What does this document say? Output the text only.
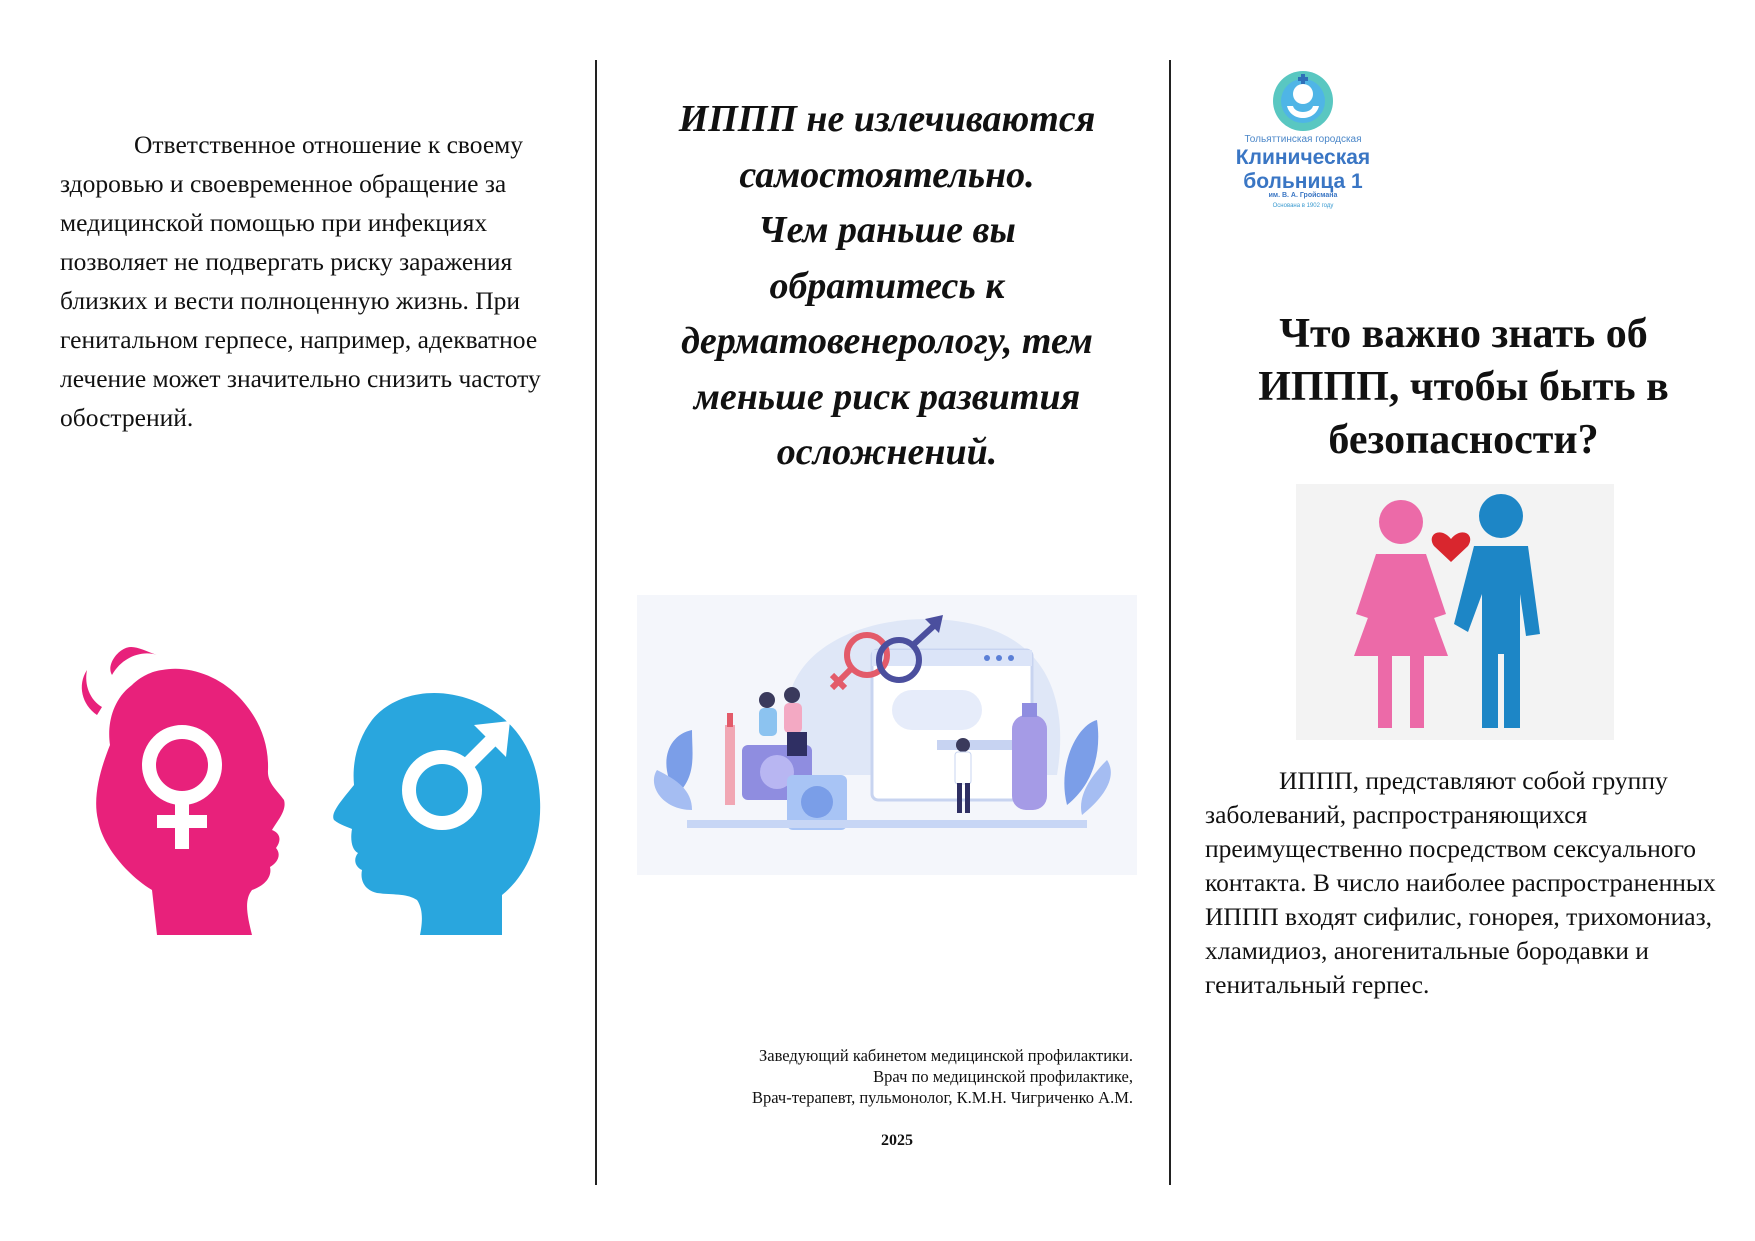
Ответственное отношение к своему здоровью и своевременное обращение за медицинской помощью при инфекциях позволяет не подвергать риску заражения близких и вести полноценную жизнь. При генитальном герпесе, например, адекватное лечение может значительно снизить частоту обострений.

ИППП не излечиваются
самостоятельно.
Чем раньше вы
обратитесь к
дерматовенерологу, тем
меньше риск развития
осложнений.
Заведующий кабинетом медицинской профилактики.
Врач по медицинской профилактике,
Врач-терапевт, пульмонолог, К.М.Н. Чигриченко А.М.
2025
Тольяттинская городская
Клиническая
больница 1
им. В. А. Гройсмана
Основана в 1902 году
Что важно знать об
ИППП, чтобы быть в
безопасности?

ИППП, представляют собой группу заболеваний, распространяющихся преимущественно посредством сексуального контакта. В число наиболее распространенных ИППП входят сифилис, гонорея, трихомониаз, хламидиоз, аногенитальные бородавки и генитальный герпес.
